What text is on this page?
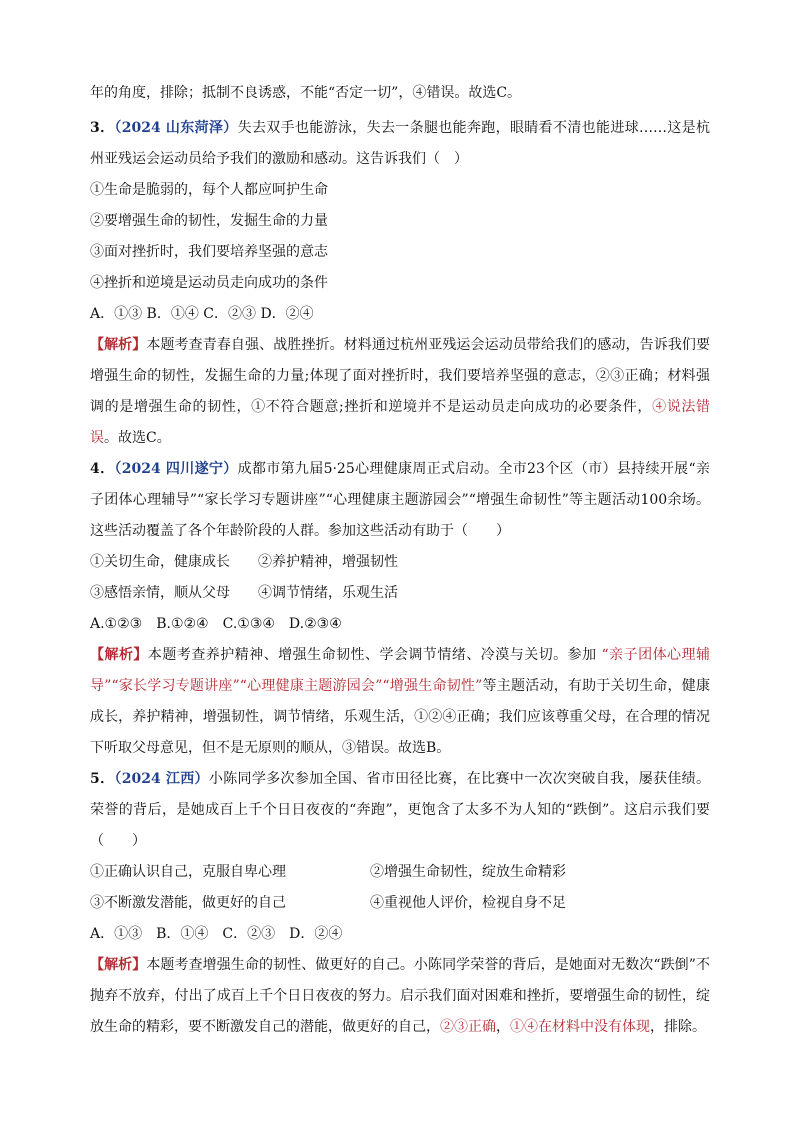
年的角度，排除；抵制不良诱惑，不能“否定一切”，④错误。故选C。
3．（2024 山东菏泽）失去双手也能游泳，失去一条腿也能奔跑，眼睛看不清也能进球……这是杭州亚残运会运动员给予我们的激励和感动。这告诉我们（　）
①生命是脆弱的，每个人都应呵护生命
②要增强生命的韧性，发掘生命的力量
③面对挫折时，我们要培养坚强的意志
④挫折和逆境是运动员走向成功的条件
A．①③ B．①④ C．②③ D．②④
【解析】本题考查青春自强、战胜挫折。材料通过杭州亚残运会运动员带给我们的感动，告诉我们要增强生命的韧性，发掘生命的力量;体现了面对挫折时，我们要培养坚强的意志，②③正确；材料强调的是增强生命的韧性，①不符合题意;挫折和逆境并不是运动员走向成功的必要条件，④说法错误。故选C。
4．（2024 四川遂宁）成都市第九届5·25心理健康周正式启动。全市23个区（市）县持续开展“亲子团体心理辅导”“家长学习专题讲座”“心理健康主题游园会”“增强生命韧性”等主题活动100余场。这些活动覆盖了各个年龄阶段的人群。参加这些活动有助于（　　）
①关切生命，健康成长 ②养护精神，增强韧性
③感悟亲情，顺从父母 ④调节情绪，乐观生活
A.①②③　B.①②④　C.①③④　D.②③④
【解析】本题考查养护精神、增强生命韧性、学会调节情绪、冷漠与关切。参加 “亲子团体心理辅导”“家长学习专题讲座”“心理健康主题游园会”“增强生命韧性”等主题活动，有助于关切生命，健康成长，养护精神，增强韧性，调节情绪，乐观生活，①②④正确；我们应该尊重父母，在合理的情况下听取父母意见，但不是无原则的顺从，③错误。故选B。
5．（2024 江西）小陈同学多次参加全国、省市田径比赛，在比赛中一次次突破自我，屡获佳绩。荣誉的背后，是她成百上千个日日夜夜的“奔跑”，更饱含了太多不为人知的“跌倒”。这启示我们要（　　）
①正确认识自己，克服自卑心理	②增强生命韧性，绽放生命精彩
③不断激发潜能，做更好的自己	④重视他人评价，检视自身不足
A．①③　B．①④　C．②③　D．②④
【解析】本题考查增强生命的韧性、做更好的自己。小陈同学荣誉的背后，是她面对无数次“跌倒”不抛弃不放弃，付出了成百上千个日日夜夜的努力。启示我们面对困难和挫折，要增强生命的韧性，绽放生命的精彩，要不断激发自己的潜能，做更好的自己，②③正确，①④在材料中没有体现，排除。
